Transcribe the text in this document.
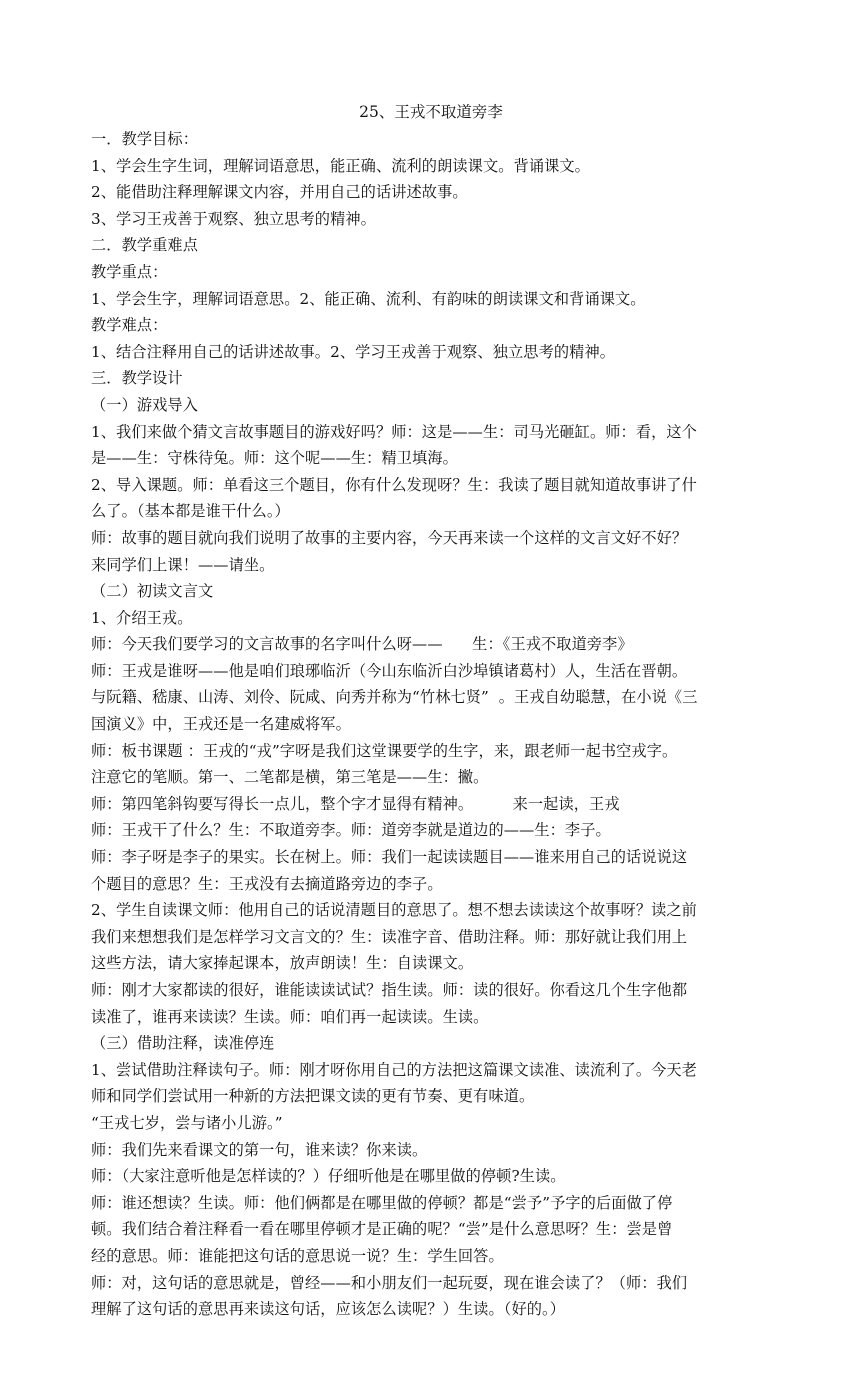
25、王戎不取道旁李
一．教学目标：
1、学会生字生词，理解词语意思，能正确、流利的朗读课文。背诵课文。
2、能借助注释理解课文内容，并用自己的话讲述故事。
3、学习王戎善于观察、独立思考的精神。
二．教学重难点
教学重点：
1、学会生字，理解词语意思。2、能正确、流利、有韵味的朗读课文和背诵课文。
教学难点：
1、结合注释用自己的话讲述故事。2、学习王戎善于观察、独立思考的精神。
三．教学设计
（一）游戏导入
1、我们来做个猜文言故事题目的游戏好吗？师：这是——生：司马光砸缸。师：看，这个
是——生：守株待兔。师：这个呢——生：精卫填海。
2、导入课题。师：单看这三个题目，你有什么发现呀？生：我读了题目就知道故事讲了什
么了。（基本都是谁干什么。）
师：故事的题目就向我们说明了故事的主要内容，今天再来读一个这样的文言文好不好？
来同学们上课！——请坐。
（二）初读文言文
1、介绍王戎。
师：今天我们要学习的文言故事的名字叫什么呀——      生：《王戎不取道旁李》
师：王戎是谁呀——他是咱们琅琊临沂（今山东临沂白沙埠镇诸葛村）人，生活在晋朝。
与阮籍、嵇康、山涛、刘伶、阮咸、向秀并称为“竹林七贤”  。王戎自幼聪慧，在小说《三
国演义》中，王戎还是一名建威将军。
师：板书课题 ：王戎的“戎”字呀是我们这堂课要学的生字，来，跟老师一起书空戎字。
注意它的笔顺。第一、二笔都是横，第三笔是——生：撇。
师：第四笔斜钩要写得长一点儿，整个字才显得有精神。        来一起读，王戎
师：王戎干了什么？生：不取道旁李。师：道旁李就是道边的——生：李子。
师：李子呀是李子的果实。长在树上。师：我们一起读读题目——谁来用自己的话说说这
个题目的意思？生：王戎没有去摘道路旁边的李子。
2、学生自读课文师：他用自己的话说清题目的意思了。想不想去读读这个故事呀？读之前
我们来想想我们是怎样学习文言文的？生：读准字音、借助注释。师：那好就让我们用上
这些方法，请大家捧起课本，放声朗读！生：自读课文。
师：刚才大家都读的很好，谁能读读试试？指生读。师：读的很好。你看这几个生字他都
读准了，谁再来读读？生读。师：咱们再一起读读。生读。
（三）借助注释，读准停连
1、尝试借助注释读句子。师：刚才呀你用自己的方法把这篇课文读准、读流利了。今天老
师和同学们尝试用一种新的方法把课文读的更有节奏、更有味道。
“王戎七岁，尝与诸小儿游。”
师：我们先来看课文的第一句，谁来读？你来读。
师：（大家注意听他是怎样读的？）仔细听他是在哪里做的停顿?生读。
师：谁还想读？生读。师：他们俩都是在哪里做的停顿？都是“尝予”予字的后面做了停
顿。我们结合着注释看一看在哪里停顿才是正确的呢？“尝”是什么意思呀？生：尝是曾
经的意思。师：谁能把这句话的意思说一说？生：学生回答。
师：对，这句话的意思就是，曾经——和小朋友们一起玩耍，现在谁会读了？（师：我们
理解了这句话的意思再来读这句话，应该怎么读呢？）生读。（好的。）
